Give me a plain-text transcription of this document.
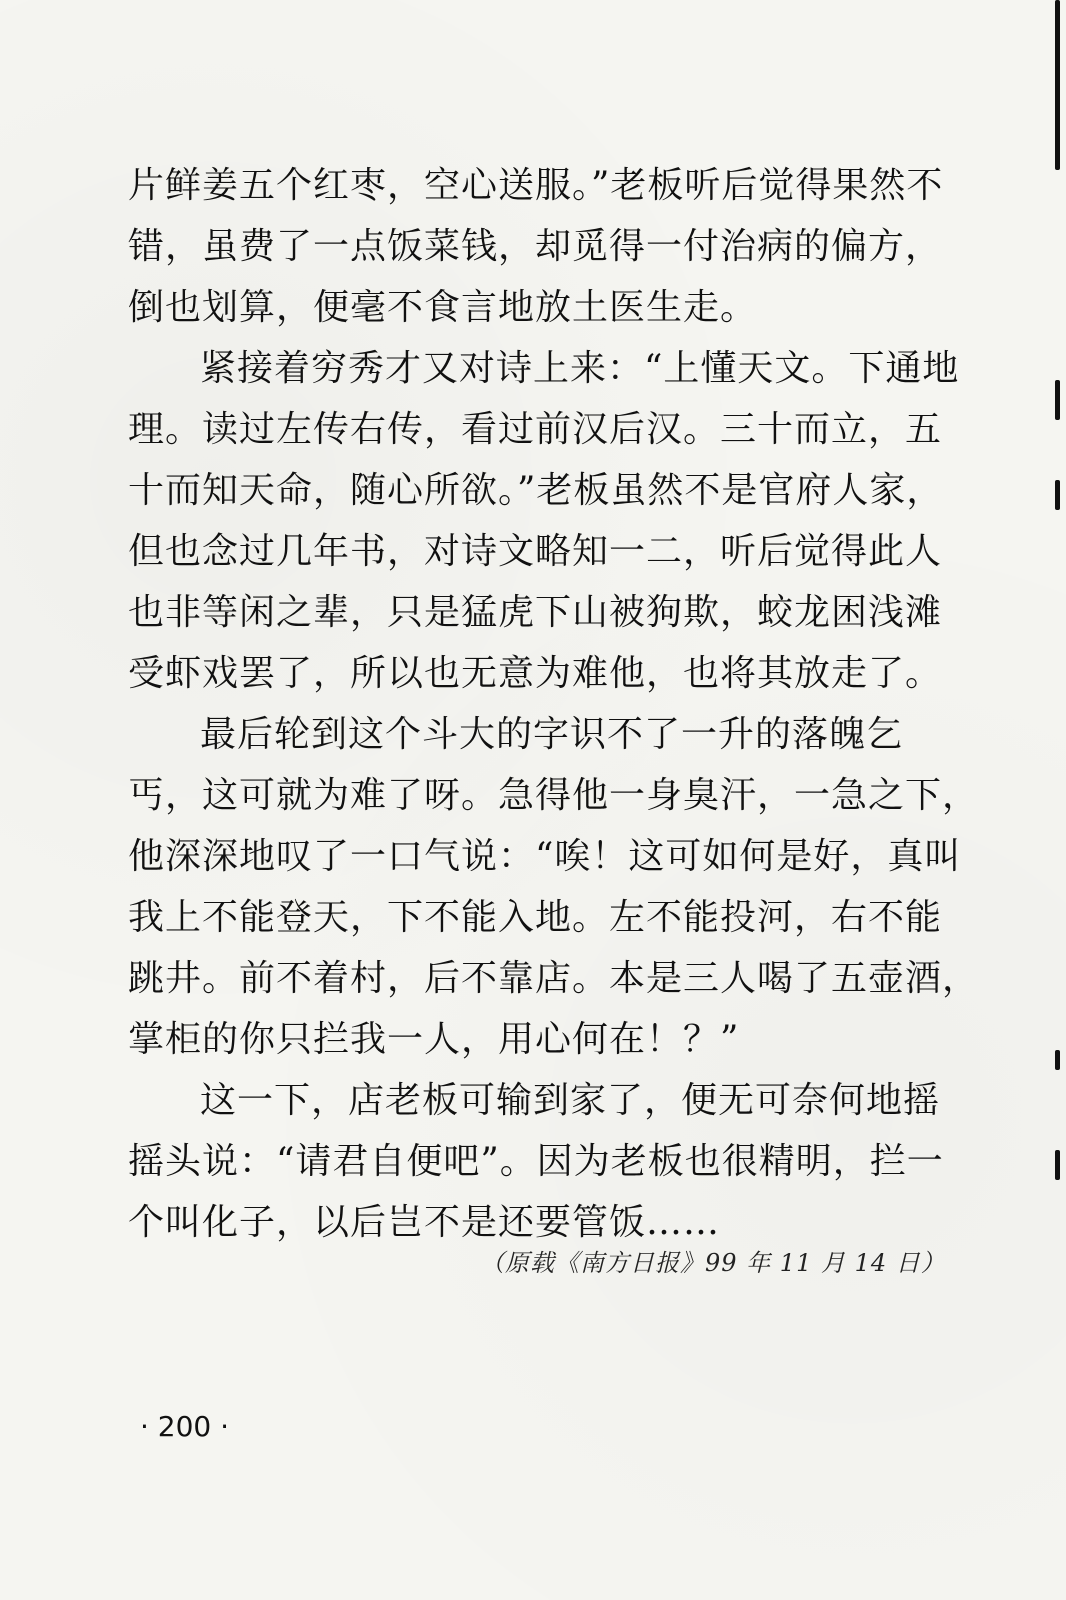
片鲜姜五个红枣，空心送服。”老板听后觉得果然不
错，虽费了一点饭菜钱，却觅得一付治病的偏方，
倒也划算，便毫不食言地放土医生走。
紧接着穷秀才又对诗上来：“上懂天文。下通地
理。读过左传右传，看过前汉后汉。三十而立，五
十而知天命，随心所欲。”老板虽然不是官府人家，
但也念过几年书，对诗文略知一二，听后觉得此人
也非等闲之辈，只是猛虎下山被狗欺，蛟龙困浅滩
受虾戏罢了，所以也无意为难他，也将其放走了。
最后轮到这个斗大的字识不了一升的落魄乞
丐，这可就为难了呀。急得他一身臭汗，一急之下，
他深深地叹了一口气说：“唉！这可如何是好，真叫
我上不能登天，下不能入地。左不能投河，右不能
跳井。前不着村，后不靠店。本是三人喝了五壶酒，
掌柜的你只拦我一人，用心何在！？”
这一下，店老板可输到家了，便无可奈何地摇
摇头说：“请君自便吧”。因为老板也很精明，拦一
个叫化子，以后岂不是还要管饭……
（原载《南方日报》99 年 11 月 14 日）
· 200 ·
